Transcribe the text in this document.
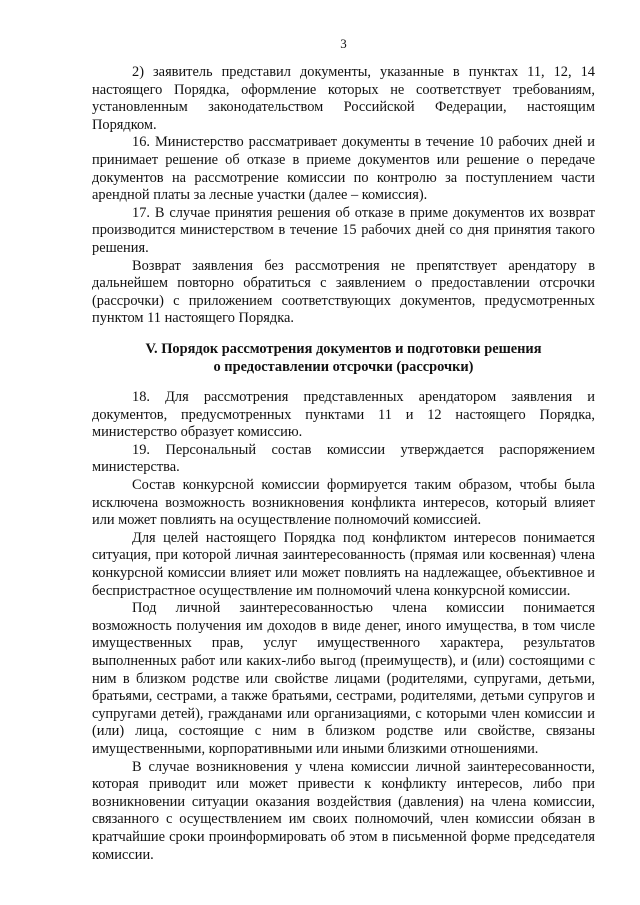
3

2) заявитель представил документы, указанные в пунктах 11, 12, 14 настоящего Порядка, оформление которых не соответствует требованиям, установленным законодательством Российской Федерации, настоящим Порядком.

16. Министерство рассматривает документы в течение 10 рабочих дней и принимает решение об отказе в приеме документов или решение о передаче документов на рассмотрение комиссии по контролю за поступлением части арендной платы за лесные участки (далее – комиссия).

17. В случае принятия решения об отказе в приме документов их возврат производится министерством в течение 15 рабочих дней со дня принятия такого решения.

Возврат заявления без рассмотрения не препятствует арендатору в дальнейшем повторно обратиться с заявлением о предоставлении отсрочки (рассрочки) с приложением соответствующих документов, предусмотренных пунктом 11 настоящего Порядка.

V. Порядок рассмотрения документов и подготовки решения
о предоставлении отсрочки (рассрочки)

18. Для рассмотрения представленных арендатором заявления и документов, предусмотренных пунктами 11 и 12 настоящего Порядка, министерство образует комиссию.

19. Персональный состав комиссии утверждается распоряжением министерства.

Состав конкурсной комиссии формируется таким образом, чтобы была исключена возможность возникновения конфликта интересов, который влияет или может повлиять на осуществление полномочий комиссией.

Для целей настоящего Порядка под конфликтом интересов понимается ситуация, при которой личная заинтересованность (прямая или косвенная) члена конкурсной комиссии влияет или может повлиять на надлежащее, объективное и беспристрастное осуществление им полномочий члена конкурсной комиссии.

Под личной заинтересованностью члена комиссии понимается возможность получения им доходов в виде денег, иного имущества, в том числе имущественных прав, услуг имущественного характера, результатов выполненных работ или каких-либо выгод (преимуществ), и (или) состоящими с ним в близком родстве или свойстве лицами (родителями, супругами, детьми, братьями, сестрами, а также братьями, сестрами, родителями, детьми супругов и супругами детей), гражданами или организациями, с которыми член комиссии и (или) лица, состоящие с ним в близком родстве или свойстве, связаны имущественными, корпоративными или иными близкими отношениями.

В случае возникновения у члена комиссии личной заинтересованности, которая приводит или может привести к конфликту интересов, либо при возникновении ситуации оказания воздействия (давления) на члена комиссии, связанного с осуществлением им своих полномочий, член комиссии обязан в кратчайшие сроки проинформировать об этом в письменной форме председателя комиссии.
